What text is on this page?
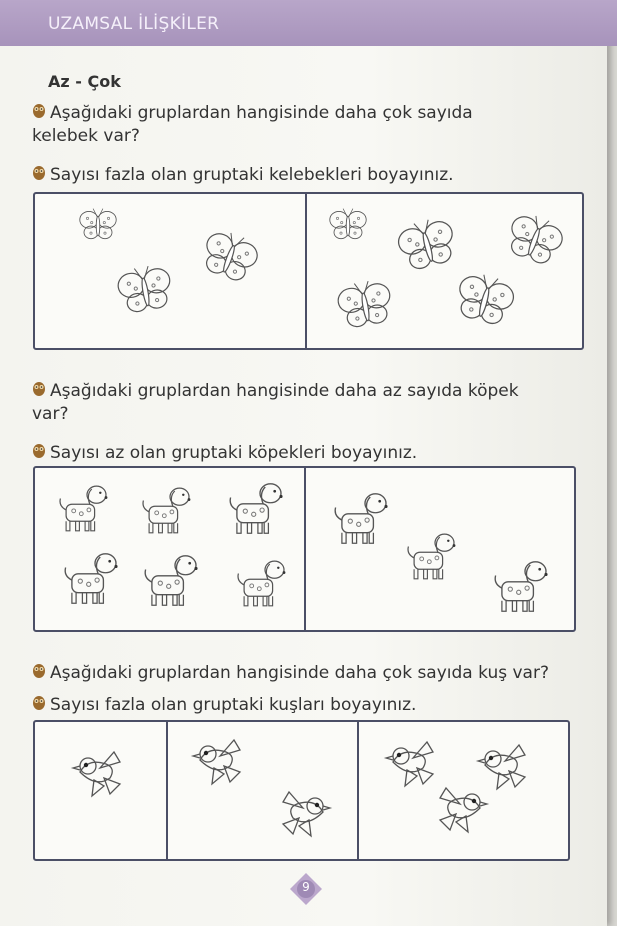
UZAMSAL İLİŞKİLER
Az - Çok
Aşağıdaki gruplardan hangisinde daha çok sayıda
kelebek var?
Sayısı fazla olan gruptaki kelebekleri boyayınız.
Aşağıdaki gruplardan hangisinde daha az sayıda köpek
var?
Sayısı az olan gruptaki köpekleri boyayınız.
Aşağıdaki gruplardan hangisinde daha çok sayıda kuş var?
Sayısı fazla olan gruptaki kuşları boyayınız.
9
